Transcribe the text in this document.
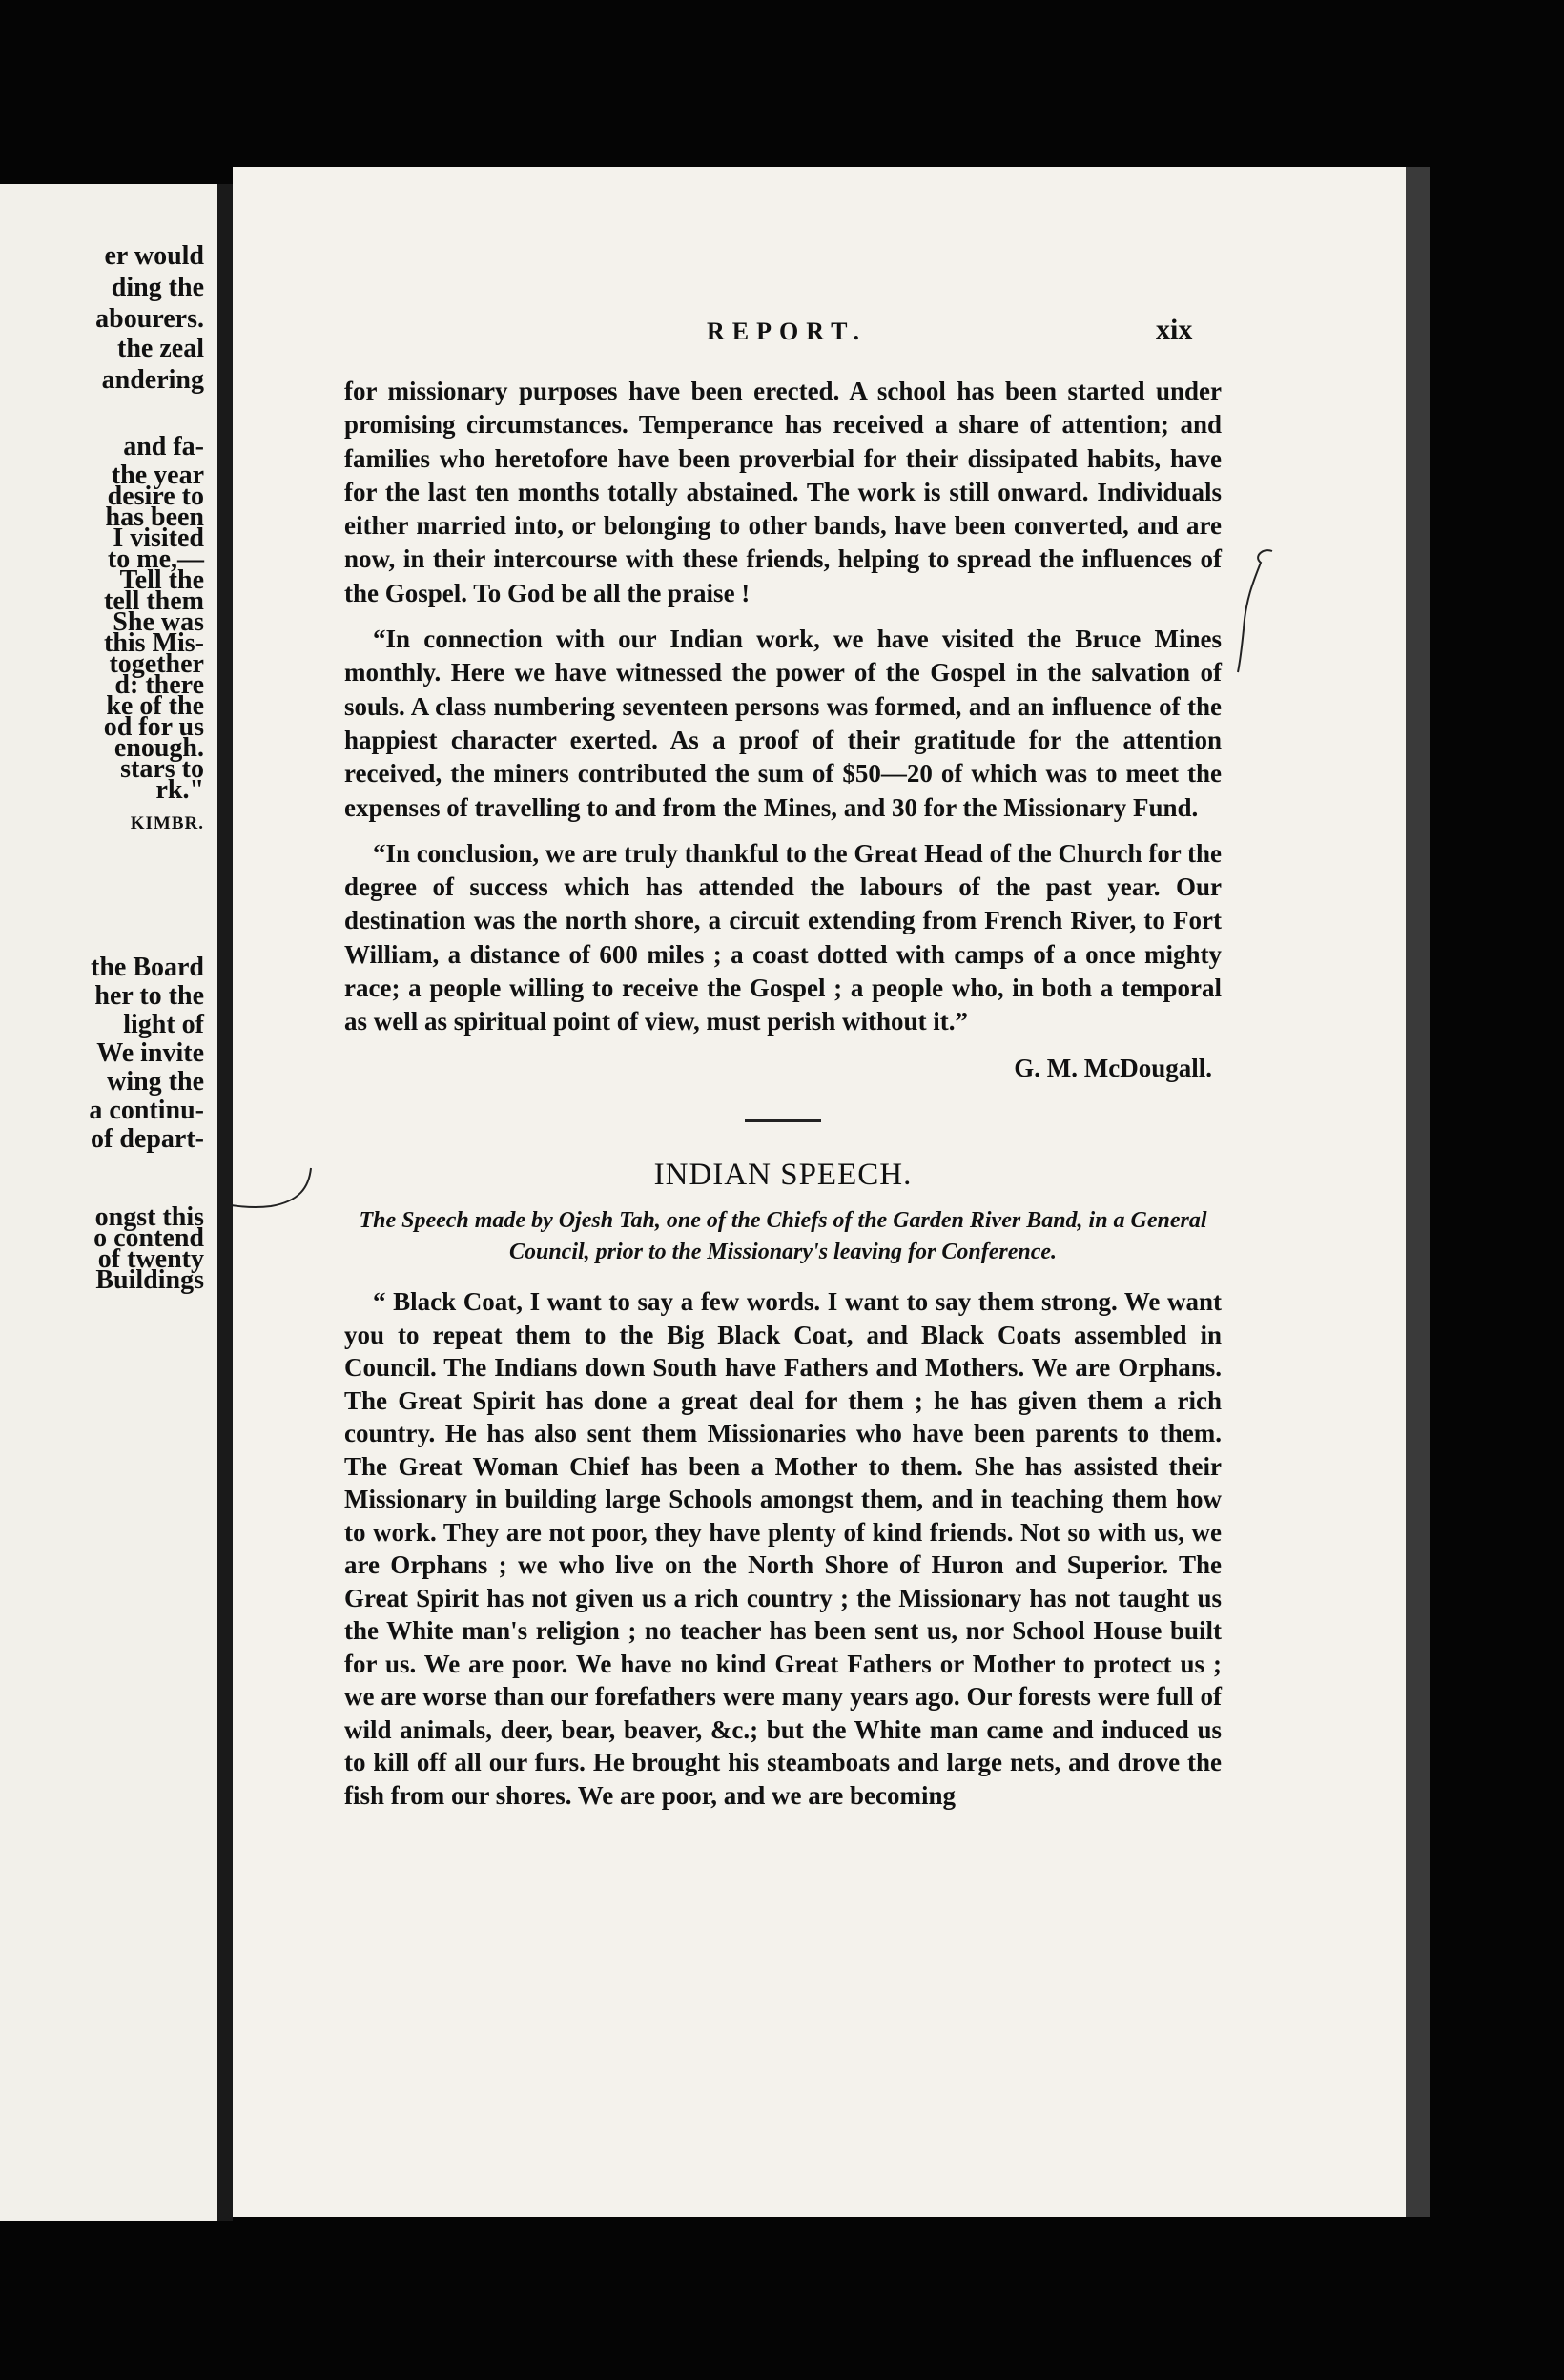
er would
ding the
abourers.
the zeal
andering
and fa-
the year
desire to
has been
I visited
to me,—
Tell the
tell them
She was
this Mis-
together
d: there
ke of the
od for us
enough.
stars to
rk."
KIMBR.
the Board
her to the
light of
We invite
wing the
a continu-
of depart-
ongst this
o contend
of twenty
Buildings
REPORT.	xix

for missionary purposes have been erected. A school has been started under promising circumstances. Temperance has received a share of attention; and families who heretofore have been proverbial for their dissipated habits, have for the last ten months totally abstained. The work is still onward. Individuals either married into, or belonging to other bands, have been converted, and are now, in their intercourse with these friends, helping to spread the influences of the Gospel. To God be all the praise !

“In connection with our Indian work, we have visited the Bruce Mines monthly. Here we have witnessed the power of the Gospel in the salvation of souls. A class numbering seventeen persons was formed, and an influence of the happiest character exerted. As a proof of their gratitude for the attention received, the miners contributed the sum of $50—20 of which was to meet the expenses of travelling to and from the Mines, and 30 for the Missionary Fund.

“In conclusion, we are truly thankful to the Great Head of the Church for the degree of success which has attended the labours of the past year. Our destination was the north shore, a circuit extending from French River, to Fort William, a distance of 600 miles ; a coast dotted with camps of a once mighty race; a people willing to receive the Gospel ; a people who, in both a temporal as well as spiritual point of view, must perish without it.”

G. M. McDougall.
INDIAN SPEECH.
The Speech made by Ojesh Tah, one of the Chiefs of the Garden River Band, in a General Council, prior to the Missionary's leaving for Conference.

“ Black Coat, I want to say a few words. I want to say them strong. We want you to repeat them to the Big Black Coat, and Black Coats assembled in Council. The Indians down South have Fathers and Mothers. We are Orphans. The Great Spirit has done a great deal for them ; he has given them a rich country. He has also sent them Missionaries who have been parents to them. The Great Woman Chief has been a Mother to them. She has assisted their Missionary in building large Schools amongst them, and in teaching them how to work. They are not poor, they have plenty of kind friends. Not so with us, we are Orphans ; we who live on the North Shore of Huron and Superior. The Great Spirit has not given us a rich country ; the Missionary has not taught us the White man's religion ; no teacher has been sent us, nor School House built for us. We are poor. We have no kind Great Fathers or Mother to protect us ; we are worse than our forefathers were many years ago. Our forests were full of wild animals, deer, bear, beaver, &c.; but the White man came and induced us to kill off all our furs. He brought his steamboats and large nets, and drove the fish from our shores. We are poor, and we are becoming
